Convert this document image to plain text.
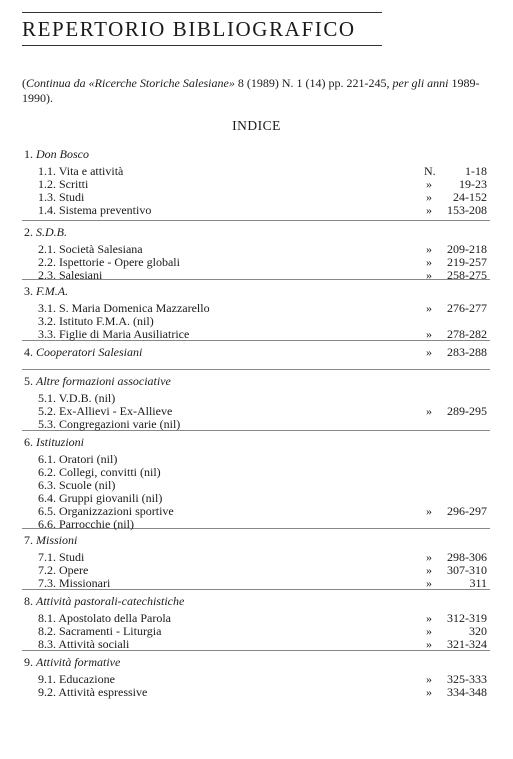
REPERTORIO BIBLIOGRAFICO
(Continua da «Ricerche Storiche Salesiane» 8 (1989) N. 1 (14) pp. 221-245, per gli anni 1989-1990).
INDICE
1. Don Bosco
1.1. Vita e attività	N.	1-18
1.2. Scritti	»	19-23
1.3. Studi	»	24-152
1.4. Sistema preventivo	»	153-208
2. S.D.B.
2.1. Società Salesiana	»	209-218
2.2. Ispettorie - Opere globali	»	219-257
2.3. Salesiani	»	258-275
3. F.M.A.
3.1. S. Maria Domenica Mazzarello	»	276-277
3.2. Istituto F.M.A. (nil)
3.3. Figlie di Maria Ausiliatrice	»	278-282
4. Cooperatori Salesiani	»	283-288
5. Altre formazioni associative
5.1. V.D.B. (nil)
5.2. Ex-Allievi - Ex-Allieve	»	289-295
5.3. Congregazioni varie (nil)
6. Istituzioni
6.1. Oratori (nil)
6.2. Collegi, convitti (nil)
6.3. Scuole (nil)
6.4. Gruppi giovanili (nil)
6.5. Organizzazioni sportive	»	296-297
6.6. Parrocchie (nil)
7. Missioni
7.1. Studi	»	298-306
7.2. Opere	»	307-310
7.3. Missionari	»	311
8. Attività pastorali-catechistiche
8.1. Apostolato della Parola	»	312-319
8.2. Sacramenti - Liturgia	»	320
8.3. Attività sociali	»	321-324
9. Attività formative
9.1. Educazione	»	325-333
9.2. Attività espressive	»	334-348
